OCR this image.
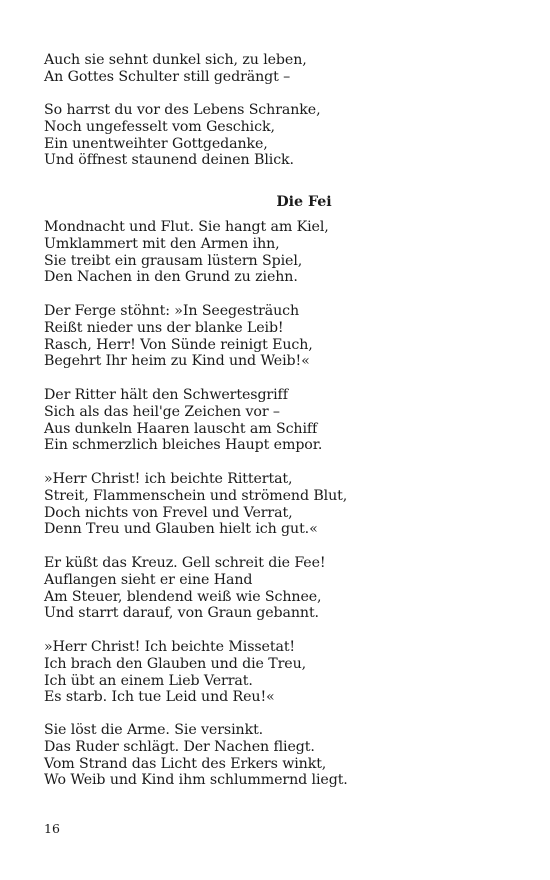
Auch sie sehnt dunkel sich, zu leben,
An Gottes Schulter still gedrängt –
So harrst du vor des Lebens Schranke,
Noch ungefesselt vom Geschick,
Ein unentweihter Gottgedanke,
Und öffnest staunend deinen Blick.
Die Fei
Mondnacht und Flut. Sie hangt am Kiel,
Umklammert mit den Armen ihn,
Sie treibt ein grausam lüstern Spiel,
Den Nachen in den Grund zu ziehn.
Der Ferge stöhnt: »In Seegesträuch
Reißt nieder uns der blanke Leib!
Rasch, Herr! Von Sünde reinigt Euch,
Begehrt Ihr heim zu Kind und Weib!«
Der Ritter hält den Schwertesgriff
Sich als das heil'ge Zeichen vor –
Aus dunkeln Haaren lauscht am Schiff
Ein schmerzlich bleiches Haupt empor.
»Herr Christ! ich beichte Rittertat,
Streit, Flammenschein und strömend Blut,
Doch nichts von Frevel und Verrat,
Denn Treu und Glauben hielt ich gut.«
Er küßt das Kreuz. Gell schreit die Fee!
Auflangen sieht er eine Hand
Am Steuer, blendend weiß wie Schnee,
Und starrt darauf, von Graun gebannt.
»Herr Christ! Ich beichte Missetat!
Ich brach den Glauben und die Treu,
Ich übt an einem Lieb Verrat.
Es starb. Ich tue Leid und Reu!«
Sie löst die Arme. Sie versinkt.
Das Ruder schlägt. Der Nachen fliegt.
Vom Strand das Licht des Erkers winkt,
Wo Weib und Kind ihm schlummernd liegt.
16
